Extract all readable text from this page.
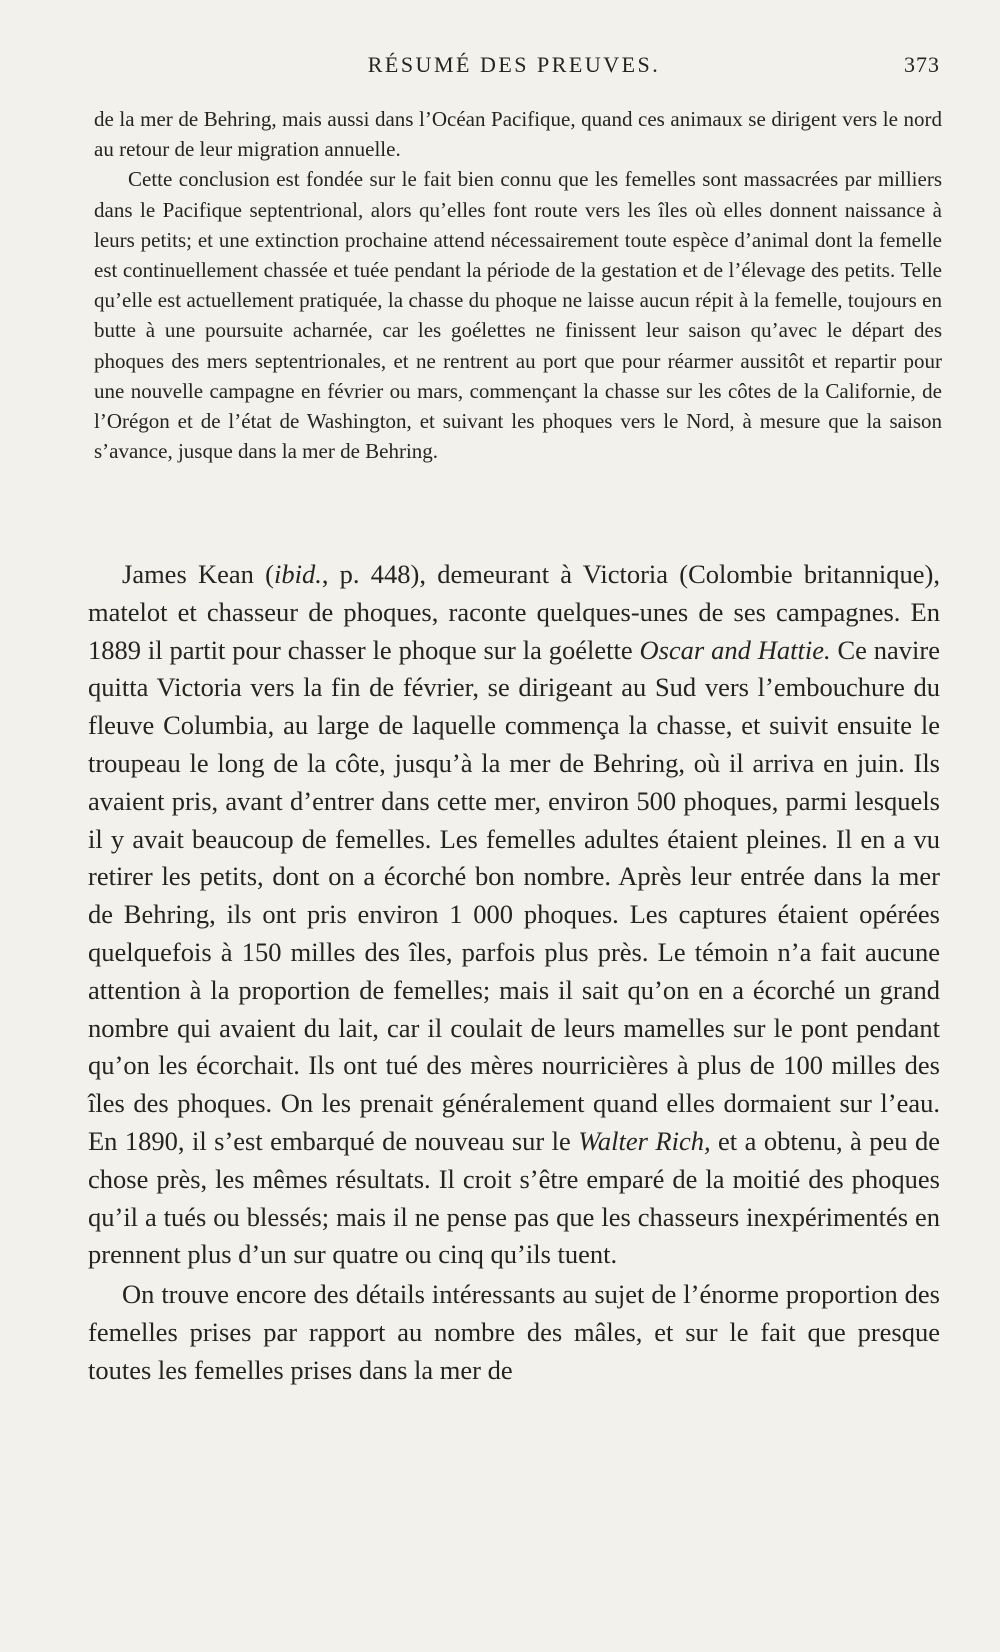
RÉSUMÉ DES PREUVES.	373

de la mer de Behring, mais aussi dans l’Océan Pacifique, quand ces animaux se dirigent vers le nord au retour de leur migration annuelle.

Cette conclusion est fondée sur le fait bien connu que les femelles sont massacrées par milliers dans le Pacifique septentrional, alors qu’elles font route vers les îles où elles donnent naissance à leurs petits; et une extinction prochaine attend nécessairement toute espèce d’animal dont la femelle est continuellement chassée et tuée pendant la période de la gestation et de l’élevage des petits. Telle qu’elle est actuellement pratiquée, la chasse du phoque ne laisse aucun répit à la femelle, toujours en butte à une poursuite acharnée, car les goélettes ne finissent leur saison qu’avec le départ des phoques des mers septentrionales, et ne rentrent au port que pour réarmer aussitôt et repartir pour une nouvelle campagne en février ou mars, commençant la chasse sur les côtes de la Californie, de l’Orégon et de l’état de Washington, et suivant les phoques vers le Nord, à mesure que la saison s’avance, jusque dans la mer de Behring.

James Kean (ibid., p. 448), demeurant à Victoria (Colombie britannique), matelot et chasseur de phoques, raconte quelques-unes de ses campagnes. En 1889 il partit pour chasser le phoque sur la goélette Oscar and Hattie. Ce navire quitta Victoria vers la fin de février, se dirigeant au Sud vers l’embouchure du fleuve Columbia, au large de laquelle commença la chasse, et suivit ensuite le troupeau le long de la côte, jusqu’à la mer de Behring, où il arriva en juin. Ils avaient pris, avant d’entrer dans cette mer, environ 500 phoques, parmi lesquels il y avait beaucoup de femelles. Les femelles adultes étaient pleines. Il en a vu retirer les petits, dont on a écorché bon nombre. Après leur entrée dans la mer de Behring, ils ont pris environ 1 000 phoques. Les captures étaient opérées quelquefois à 150 milles des îles, parfois plus près. Le témoin n’a fait aucune attention à la proportion de femelles; mais il sait qu’on en a écorché un grand nombre qui avaient du lait, car il coulait de leurs mamelles sur le pont pendant qu’on les écorchait. Ils ont tué des mères nourricières à plus de 100 milles des îles des phoques. On les prenait généralement quand elles dormaient sur l’eau. En 1890, il s’est embarqué de nouveau sur le Walter Rich, et a obtenu, à peu de chose près, les mêmes résultats. Il croit s’être emparé de la moitié des phoques qu’il a tués ou blessés; mais il ne pense pas que les chasseurs inexpérimentés en prennent plus d’un sur quatre ou cinq qu’ils tuent.

On trouve encore des détails intéressants au sujet de l’énorme proportion des femelles prises par rapport au nombre des mâles, et sur le fait que presque toutes les femelles prises dans la mer de
